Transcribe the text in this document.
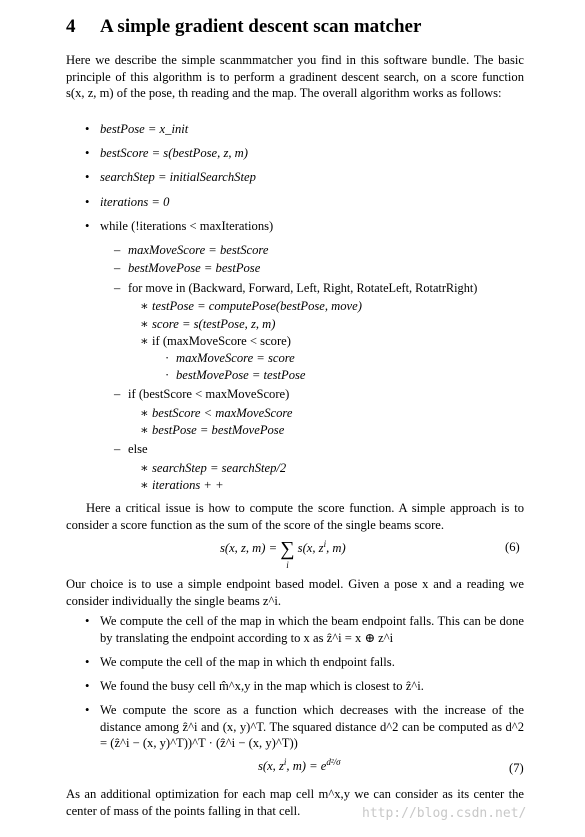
4 A simple gradient descent scan matcher
Here we describe the simple scanmmatcher you find in this software bundle. The basic principle of this algorithm is to perform a gradinent descent search, on a score function s(x, z, m) of the pose, th reading and the map. The overall algorithm works as follows:
• bestPose = x_init
• bestScore = s(bestPose, z, m)
• searchStep = initialSearchStep
• iterations = 0
• while (!iterations < maxIterations)
– maxMoveScore = bestScore
– bestMovePose = bestPose
– for move in (Backward, Forward, Left, Right, RotateLeft, RotatrRight)
∗ testPose = computePose(bestPose, move)
∗ score = s(testPose, z, m)
∗ if (maxMoveScore < score)
· maxMoveScore = score
· bestMovePose = testPose
– if (bestScore < maxMoveScore)
∗ bestScore < maxMoveScore
∗ bestPose = bestMovePose
– else
∗ searchStep = searchStep/2
∗ iterations + +
Here a critical issue is how to compute the score function. A simple approach is to consider a score function as the sum of the score of the single beams score.
s(x, z, m) = ∑
i
s(x, $z^i$, m)	(6)
Our choice is to use a simple endpoint based model. Given a pose x and a reading we consider individually the single beams z^i.
• We compute the cell of the map in which the beam endpoint falls. This can be done by translating the endpoint according to x as ẑ^i = x ⊕ z^i
• We compute the cell of the map in which th endpoint falls.
• We found the busy cell m̂^x,y in the map which is closest to ẑ^i.
• We compute the score as a function which decreases with the increase of the distance among ẑ^i and (x, y)^T. The squared distance d^2 can be computed as d^2 = (ẑ^i − (x, y)^T))^T · (ẑ^i − (x, y)^T))
s(x, $z^i$, $m) = e^{d^2/\sigma}$	(7)
As an additional optimization for each map cell m^x,y we can consider as its center the center of mass of the points falling in that cell.	http://blog.csdn.net/
